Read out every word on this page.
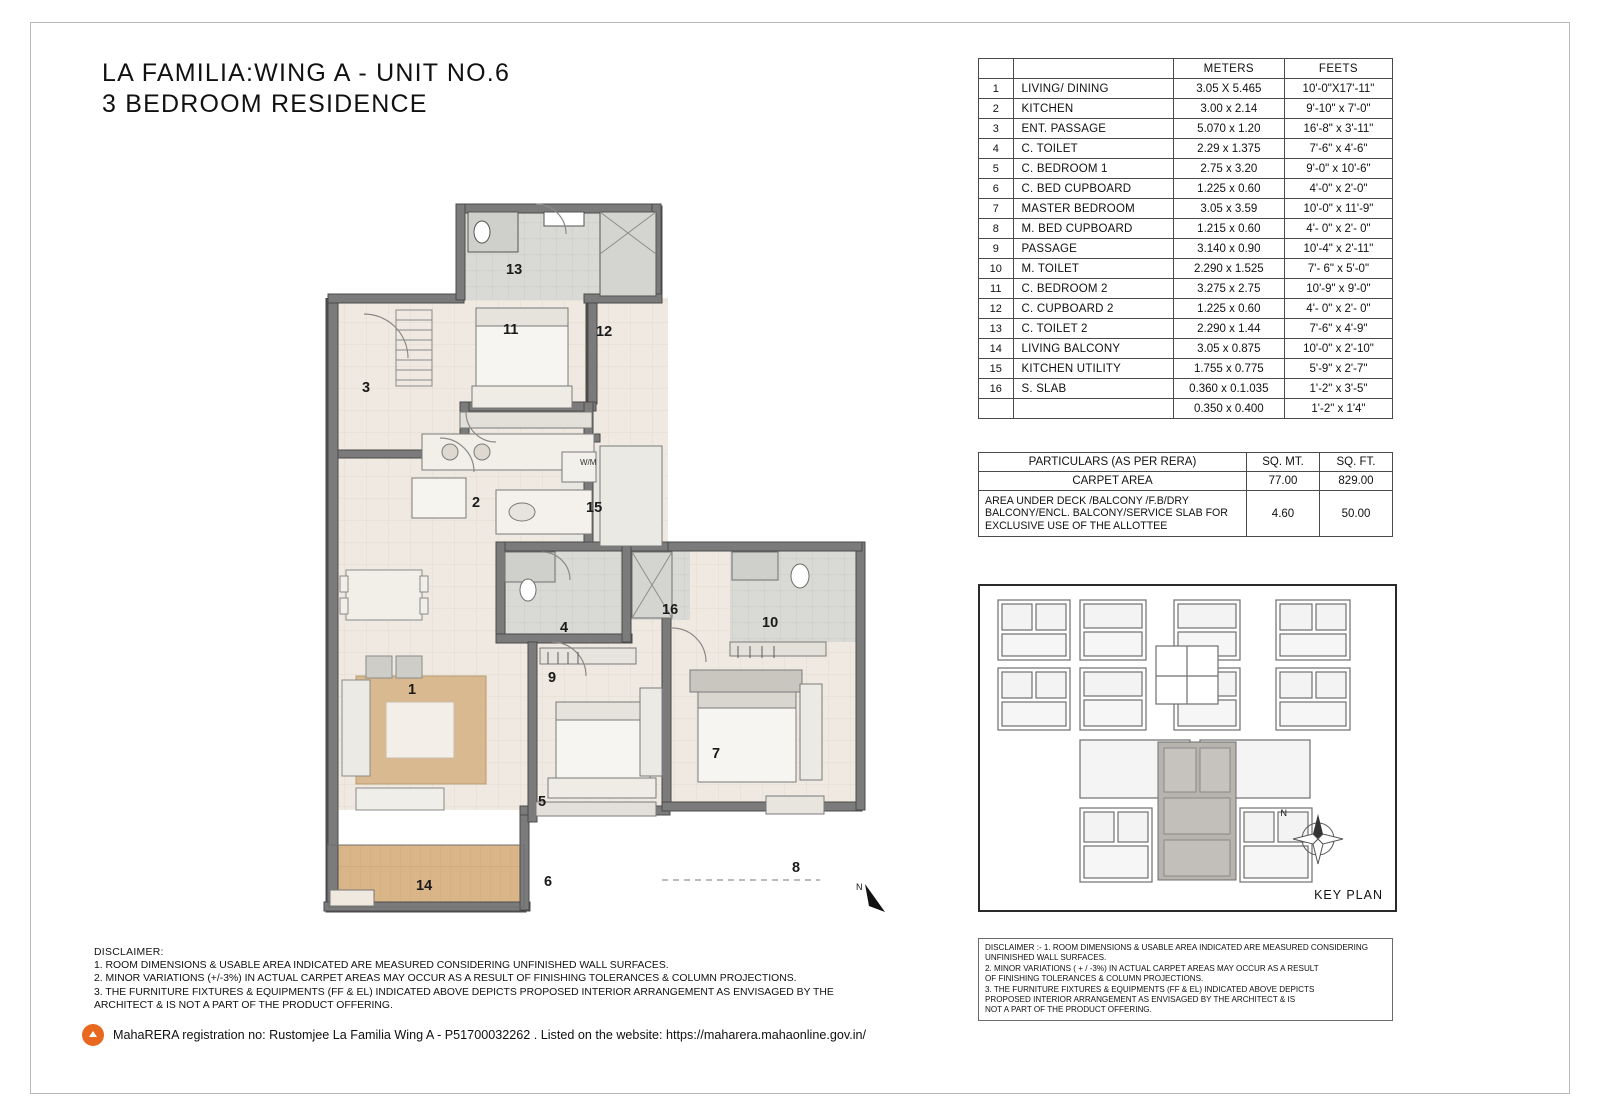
LA FAMILIA:WING A - UNIT NO.6
3 BEDROOM RESIDENCE
1
2
3
4
5
6
7
8
9
10
11	12
13
14
15
16
W/M
N
		METERS	FEETS
1	LIVING/ DINING	3.05 X 5.465	10'-0"X17'-11"
2	KITCHEN	3.00 x 2.14	9'-10" x 7'-0"
3	ENT. PASSAGE	5.070 x 1.20	16'-8" x 3'-11"
4	C. TOILET	2.29 x 1.375	7'-6" x 4'-6"
5	C. BEDROOM 1	2.75 x 3.20	9'-0" x 10'-6"
6	C. BED CUPBOARD	1.225 x 0.60	4'-0" x 2'-0"
7	MASTER BEDROOM	3.05 x 3.59	10'-0" x 11'-9"
8	M. BED CUPBOARD	1.215 x 0.60	4'- 0" x 2'- 0"
9	PASSAGE	3.140 x 0.90	10'-4" x 2'-11"
10	M. TOILET	2.290 x 1.525	7'- 6" x 5'-0"
11	C. BEDROOM 2	3.275 x 2.75	10'-9" x 9'-0"
12	C. CUPBOARD 2	1.225 x 0.60	4'- 0" x 2'- 0"
13	C. TOILET 2	2.290 x 1.44	7'-6" x 4'-9"
14	LIVING BALCONY	3.05 x 0.875	10'-0" x 2'-10"
15	KITCHEN UTILITY	1.755 x 0.775	5'-9" x 2'-7"
16	S. SLAB	0.360 x 0.1.035	1'-2" x 3'-5"
		0.350 x 0.400	1'-2" x 1'4"
PARTICULARS (AS PER RERA)	SQ. MT.	SQ. FT.
CARPET AREA	77.00	829.00
AREA UNDER DECK /BALCONY /F.B/DRY BALCONY/ENCL. BALCONY/SERVICE SLAB FOR EXCLUSIVE USE OF THE ALLOTTEE	4.60	50.00
N
KEY PLAN
DISCLAIMER :- 1. ROOM DIMENSIONS & USABLE AREA INDICATED ARE MEASURED CONSIDERING
UNFINISHED WALL SURFACES.
2. MINOR VARIATIONS ( + / -3%) IN ACTUAL CARPET AREAS MAY OCCUR AS A RESULT
OF FINISHING TOLERANCES & COLUMN PROJECTIONS.
3. THE FURNITURE FIXTURES & EQUIPMENTS (FF & EL) INDICATED ABOVE DEPICTS
PROPOSED INTERIOR ARRANGEMENT AS ENVISAGED BY THE ARCHITECT & IS
NOT A PART OF THE PRODUCT OFFERING.
DISCLAIMER:
1. ROOM DIMENSIONS & USABLE AREA INDICATED ARE MEASURED CONSIDERING UNFINISHED WALL SURFACES.
2. MINOR VARIATIONS (+/-3%) IN ACTUAL CARPET AREAS MAY OCCUR AS A RESULT OF FINISHING TOLERANCES & COLUMN PROJECTIONS.
3. THE FURNITURE FIXTURES & EQUIPMENTS (FF & EL) INDICATED ABOVE DEPICTS PROPOSED INTERIOR ARRANGEMENT AS ENVISAGED BY THE
ARCHITECT & IS NOT A PART OF THE PRODUCT OFFERING.
MahaRERA registration no: Rustomjee La Familia Wing A - P51700032262 . Listed on the website: https://maharera.mahaonline.gov.in/
